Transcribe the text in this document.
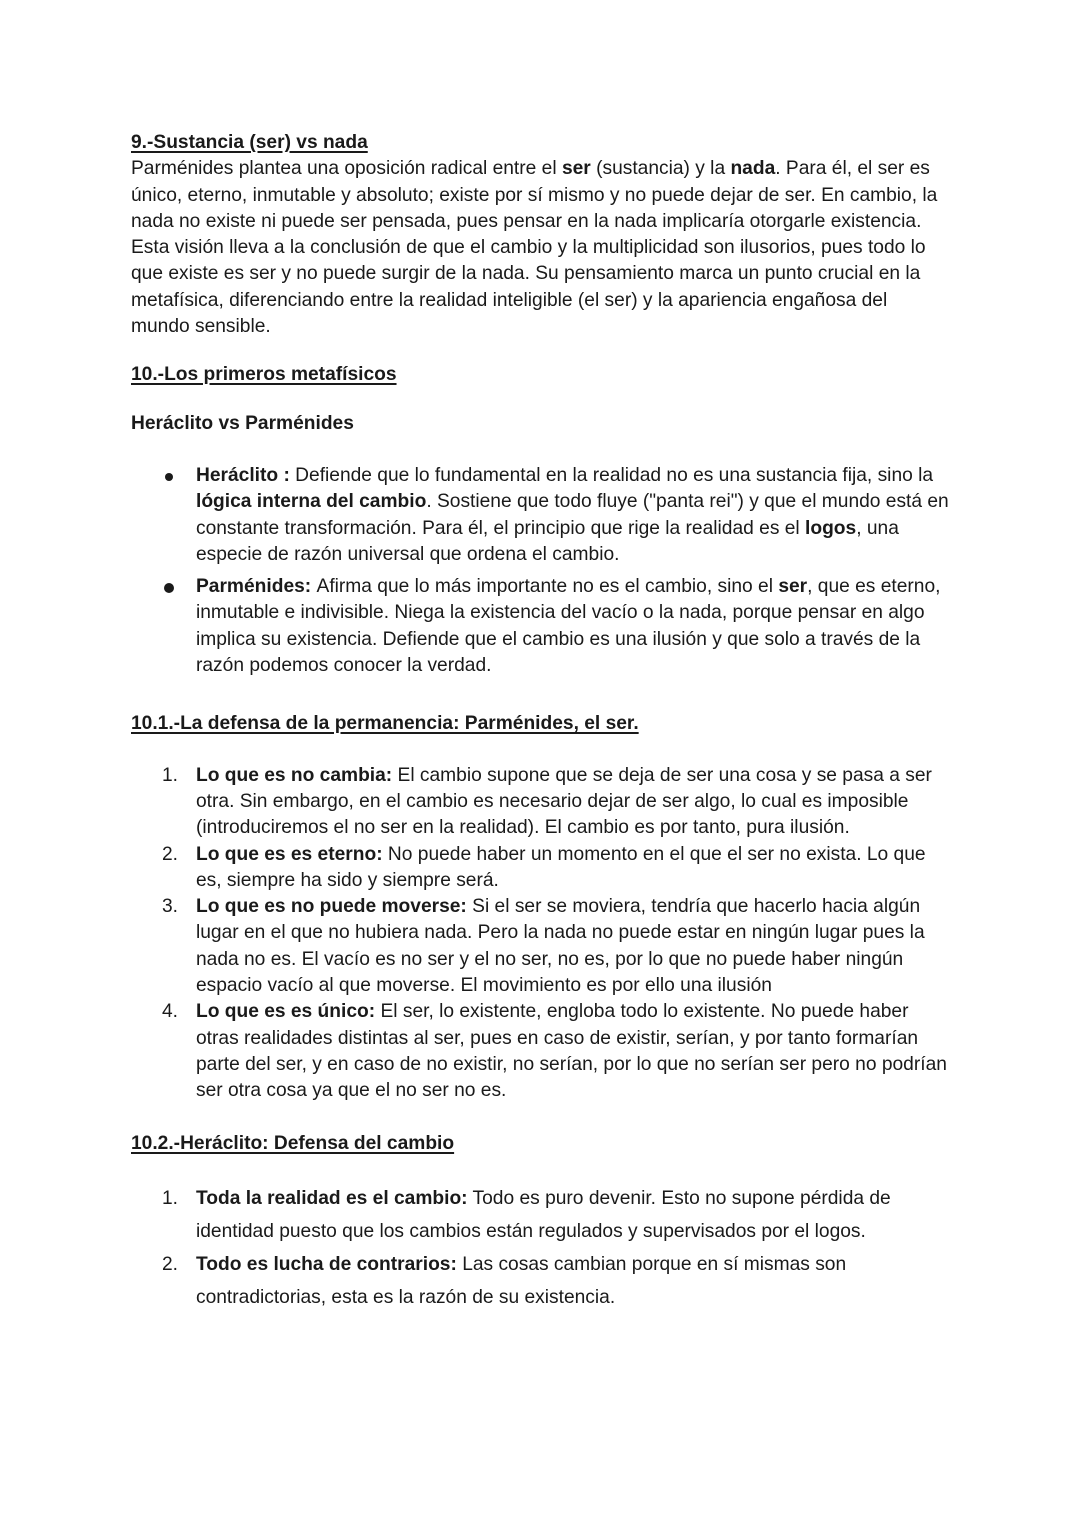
9.-Sustancia (ser) vs nada

Parménides plantea una oposición radical entre el ser (sustancia) y la nada. Para él, el ser es único, eterno, inmutable y absoluto; existe por sí mismo y no puede dejar de ser. En cambio, la nada no existe ni puede ser pensada, pues pensar en la nada implicaría otorgarle existencia. Esta visión lleva a la conclusión de que el cambio y la multiplicidad son ilusorios, pues todo lo que existe es ser y no puede surgir de la nada. Su pensamiento marca un punto crucial en la metafísica, diferenciando entre la realidad inteligible (el ser) y la apariencia engañosa del mundo sensible.

10.-Los primeros metafísicos
Heráclito vs Parménides
Heráclito : Defiende que lo fundamental en la realidad no es una sustancia fija, sino la lógica interna del cambio. Sostiene que todo fluye ("panta rei") y que el mundo está en constante transformación. Para él, el principio que rige la realidad es el logos, una especie de razón universal que ordena el cambio.
Parménides: Afirma que lo más importante no es el cambio, sino el ser, que es eterno, inmutable e indivisible. Niega la existencia del vacío o la nada, porque pensar en algo implica su existencia. Defiende que el cambio es una ilusión y que solo a través de la razón podemos conocer la verdad.
10.1.-La defensa de la permanencia: Parménides, el ser.
1. Lo que es no cambia: El cambio supone que se deja de ser una cosa y se pasa a ser otra. Sin embargo, en el cambio es necesario dejar de ser algo, lo cual es imposible (introduciremos el no ser en la realidad). El cambio es por tanto, pura ilusión.
2. Lo que es es eterno: No puede haber un momento en el que el ser no exista. Lo que es, siempre ha sido y siempre será.
3. Lo que es no puede moverse: Si el ser se moviera, tendría que hacerlo hacia algún lugar en el que no hubiera nada. Pero la nada no puede estar en ningún lugar pues la nada no es. El vacío es no ser y el no ser, no es, por lo que no puede haber ningún espacio vacío al que moverse. El movimiento es por ello una ilusión
4. Lo que es es único: El ser, lo existente, engloba todo lo existente. No puede haber otras realidades distintas al ser, pues en caso de existir, serían, y por tanto formarían parte del ser, y en caso de no existir, no serían, por lo que no serían ser pero no podrían ser otra cosa ya que el no ser no es.
10.2.-Heráclito: Defensa del cambio
1. Toda la realidad es el cambio: Todo es puro devenir. Esto no supone pérdida de identidad puesto que los cambios están regulados y supervisados por el logos.
2. Todo es lucha de contrarios: Las cosas cambian porque en sí mismas son contradictorias, esta es la razón de su existencia.
